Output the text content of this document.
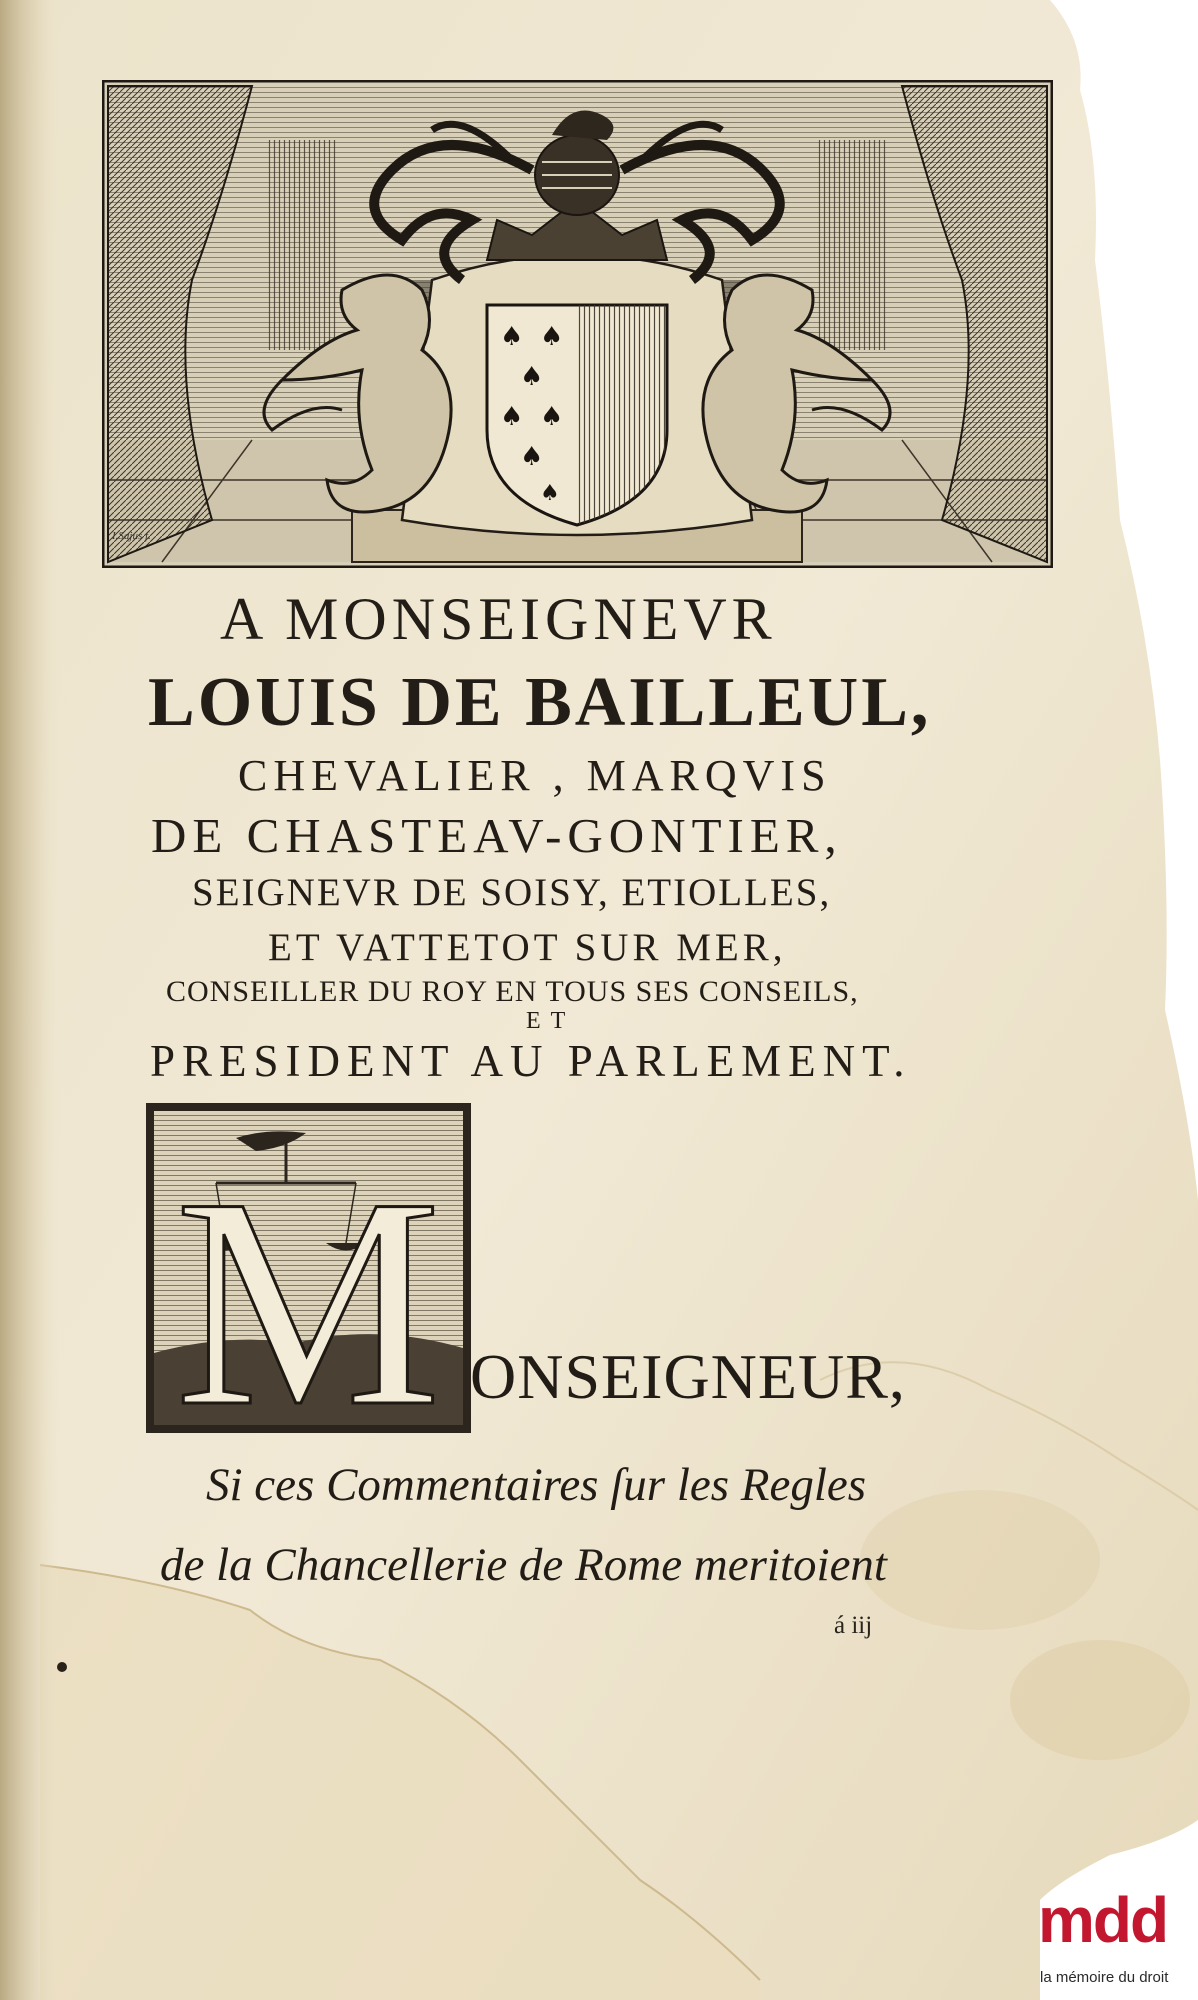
♠ ♠
♠
♠ ♠
♠
♠
I.Sajus f.
A MONSEIGNEVR
LOUIS DE BAILLEUL,
CHEVALIER , MARQVIS
DE CHASTEAV-GONTIER,
SEIGNEVR DE SOISY, ETIOLLES,
ET VATTETOT SUR MER,
CONSEILLER DU ROY EN TOUS SES CONSEILS,
ET
PRESIDENT AU PARLEMENT.
M ONSEIGNEUR,
Si ces Commentaires ſur les Regles
de la Chancellerie de Rome meritoient
á iij
mdd
la mémoire du droit
